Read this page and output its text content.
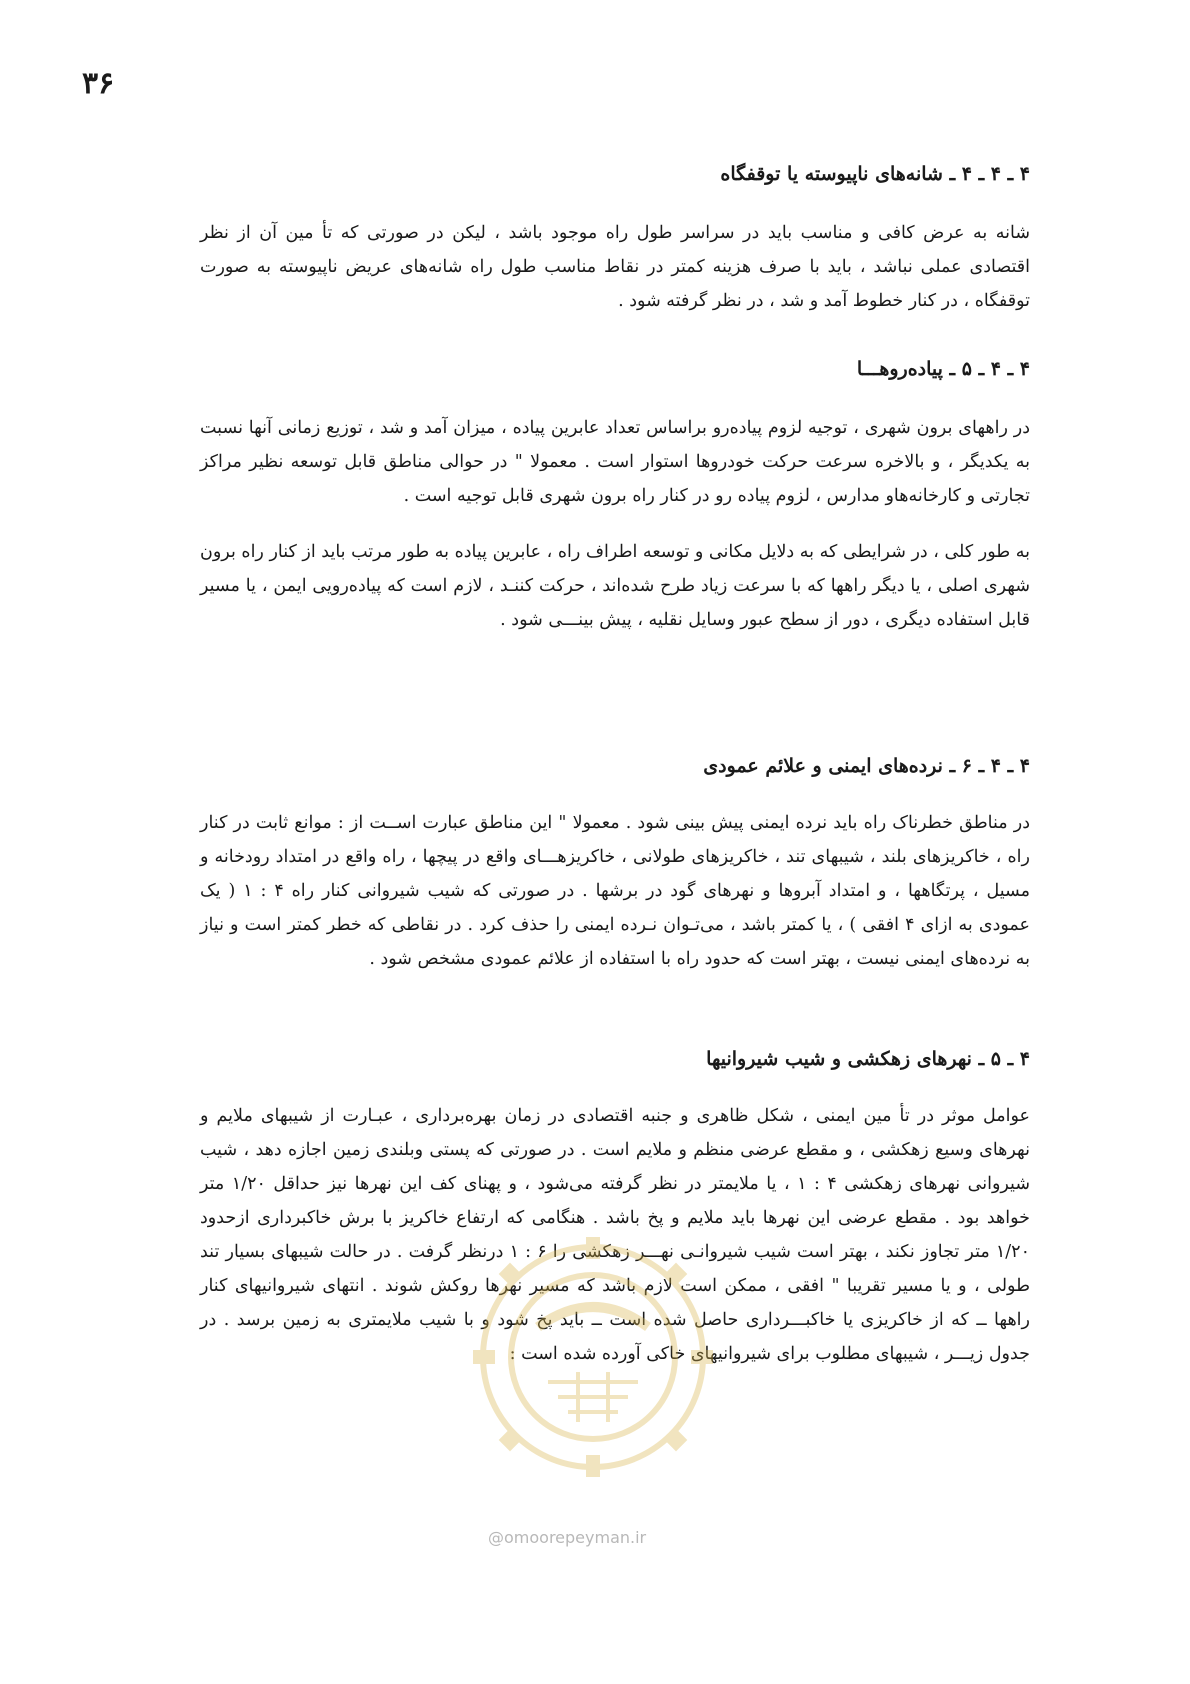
۳۶
۴ ـ ۴ ـ ۴ ـ شانه‌های ناپیوسته یا توقفگاه

شانه به عرض کافی و مناسب باید در سراسر طول راه موجود باشد ، لیکن در صورتی که تأ مین آن از نظر اقتصادی عملی نباشد ، باید با صرف هزینه کمتر در نقاط مناسب طول راه شانه‌های عریض ناپیوسته به صورت توقفگاه ، در کنار خطوط آمد و شد ، در نظر گرفته شود .

۴ ـ ۴ ـ ۵ ـ پیاده‌روهـــا

در راههای برون شهری ، توجیه لزوم پیاده‌رو براساس تعداد عابرین پیاده ، میزان آمد و شد ، توزیع زمانی آنها نسبت به یکدیگر ، و بالاخره سرعت حرکت خودروها استوار است . معمولا " در حوالی مناطق قابل توسعه نظیر مراکز تجارتی و کارخانه‌هاو مدارس ، لزوم پیاده رو در کنار راه برون شهری قابل توجیه است .

به طور کلی ، در شرایطی که به دلایل مکانی و توسعه اطراف راه ، عابرین پیاده به طور مرتب باید از کنار راه برون شهری اصلی ، یا دیگر راهها که با سرعت زیاد طرح شده‌اند ، حرکت کننـد ، لازم است که پیاده‌رویی ایمن ، یا مسیر قابل استفاده دیگری ، دور از سطح عبور وسایل نقلیه ، پیش بینـــی شود .

۴ ـ ۴ ـ ۶ ـ نرده‌های ایمنی و علائم عمودی

در مناطق خطرناک راه باید نرده ایمنی پیش بینی شود . معمولا " این مناطق عبارت اســت از : موانع ثابت در کنار راه ، خاکریزهای بلند ، شیبهای تند ، خاکریزهای طولانی ، خاکریزهـــای واقع در پیچها ، راه واقع در امتداد رودخانه و مسیل ، پرتگاهها ، و امتداد آبروها و نهرهای گود در برشها . در صورتی که شیب شیروانی کنار راه ۴ : ۱ ( یک عمودی به ازای ۴ افقی ) ، یا کمتر باشد ، می‌تـوان نـرده ایمنی را حذف کرد . در نقاطی که خطر کمتر است و نیاز به نرده‌های ایمنی نیست ، بهتر است که حدود راه با استفاده از علائم عمودی مشخص شود .

۴ ـ ۵ ـ نهرهای زهکشی و شیب شیروانیها

عوامل موثر در تأ مین ایمنی ، شکل ظاهری و جنبه اقتصادی در زمان بهره‌برداری ، عبـارت از شیبهای ملایم و نهرهای وسیع زهکشی ، و مقطع عرضی منظم و ملایم است . در صورتی که پستی وبلندی زمین اجازه دهد ، شیب شیروانی نهرهای زهکشی ۴ : ۱ ، یا ملایمتر در نظر گرفته می‌شود ، و پهنای کف این نهرها نیز حداقل ۱/۲۰ متر خواهد بود . مقطع عرضی این نهرها باید ملایم و پخ باشد . هنگامی که ارتفاع خاکریز با برش خاکبرداری ازحدود ۱/۲۰ متر تجاوز نکند ، بهتر است شیب شیروانـی نهـــر زهکشی را ۶ : ۱ درنظر گرفت . در حالت شیبهای بسیار تند طولی ، و یا مسیر تقریبا " افقی ، ممکن است لازم باشد که مسیر نهرها روکش شوند . انتهای شیروانیهای کنار راهها ــ که از خاکریزی یا خاکبـــرداری حاصل شده است ــ باید پخ شود و با شیب ملایمتری به زمین برسد . در جدول زیـــر ، شیبهای مطلوب برای شیروانیهای خاکی آورده شده است :

@omoorepeyman.ir
